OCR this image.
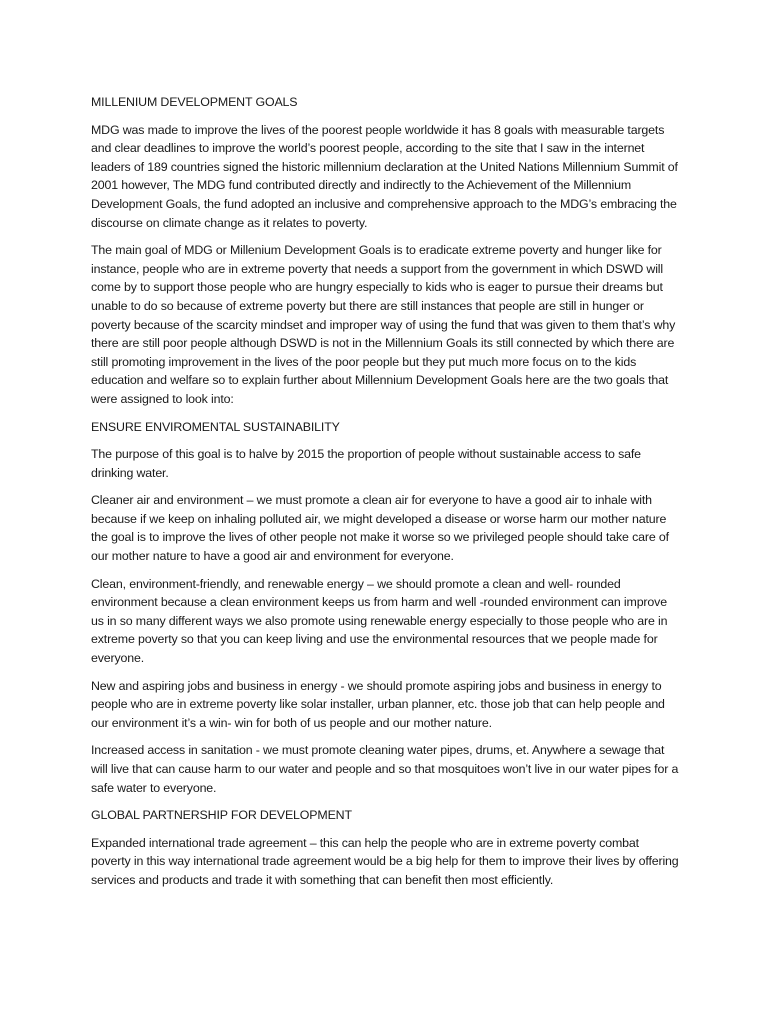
MILLENIUM DEVELOPMENT GOALS

MDG was made to improve the lives of the poorest people worldwide it has 8 goals with measurable targets and clear deadlines to improve the world’s poorest people, according to the site that I saw in the internet leaders of 189 countries signed the historic millennium declaration at the United Nations Millennium Summit of 2001 however, The MDG fund contributed directly and indirectly to the Achievement of the Millennium Development Goals, the fund adopted an inclusive and comprehensive approach to the MDG’s embracing the discourse on climate change as it relates to poverty.

The main goal of MDG or Millenium Development Goals is to eradicate extreme poverty and hunger like for instance, people who are in extreme poverty that needs a support from the government in which DSWD will come by to support those people who are hungry especially to kids who is eager to pursue their dreams but unable to do so because of extreme poverty but there are still instances that people are still in hunger or poverty because of the scarcity mindset and improper way of using the fund that was given to them that’s why there are still poor people although DSWD is not in the Millennium Goals its still connected by which there are still promoting improvement in the lives of the poor people but they put much more focus on to the kids education and welfare so to explain further about Millennium Development Goals here are the two goals that were assigned to look into:

ENSURE ENVIROMENTAL SUSTAINABILITY

The purpose of this goal is to halve by 2015 the proportion of people without sustainable access to safe drinking water.

Cleaner air and environment – we must promote a clean air for everyone to have a good air to inhale with because if we keep on inhaling polluted air, we might developed a disease or worse harm our mother nature the goal is to improve the lives of other people not make it worse so we privileged people should take care of our mother nature to have a good air and environment for everyone.

Clean, environment-friendly, and renewable energy – we should promote a clean and well- rounded environment because a clean environment keeps us from harm and well -rounded environment can improve us in so many different ways we also promote using renewable energy especially to those people who are in extreme poverty so that you can keep living and use the environmental resources that we people made for everyone.

New and aspiring jobs and business in energy - we should promote aspiring jobs and business in energy to people who are in extreme poverty like solar installer, urban planner, etc. those job that can help people and our environment it’s a win- win for both of us people and our mother nature.

Increased access in sanitation - we must promote cleaning water pipes, drums, et. Anywhere a sewage that will live that can cause harm to our water and people and so that mosquitoes won’t live in our water pipes for a safe water to everyone.

GLOBAL PARTNERSHIP FOR DEVELOPMENT

Expanded international trade agreement – this can help the people who are in extreme poverty combat poverty in this way international trade agreement would be a big help for them to improve their lives by offering services and products and trade it with something that can benefit then most efficiently.
